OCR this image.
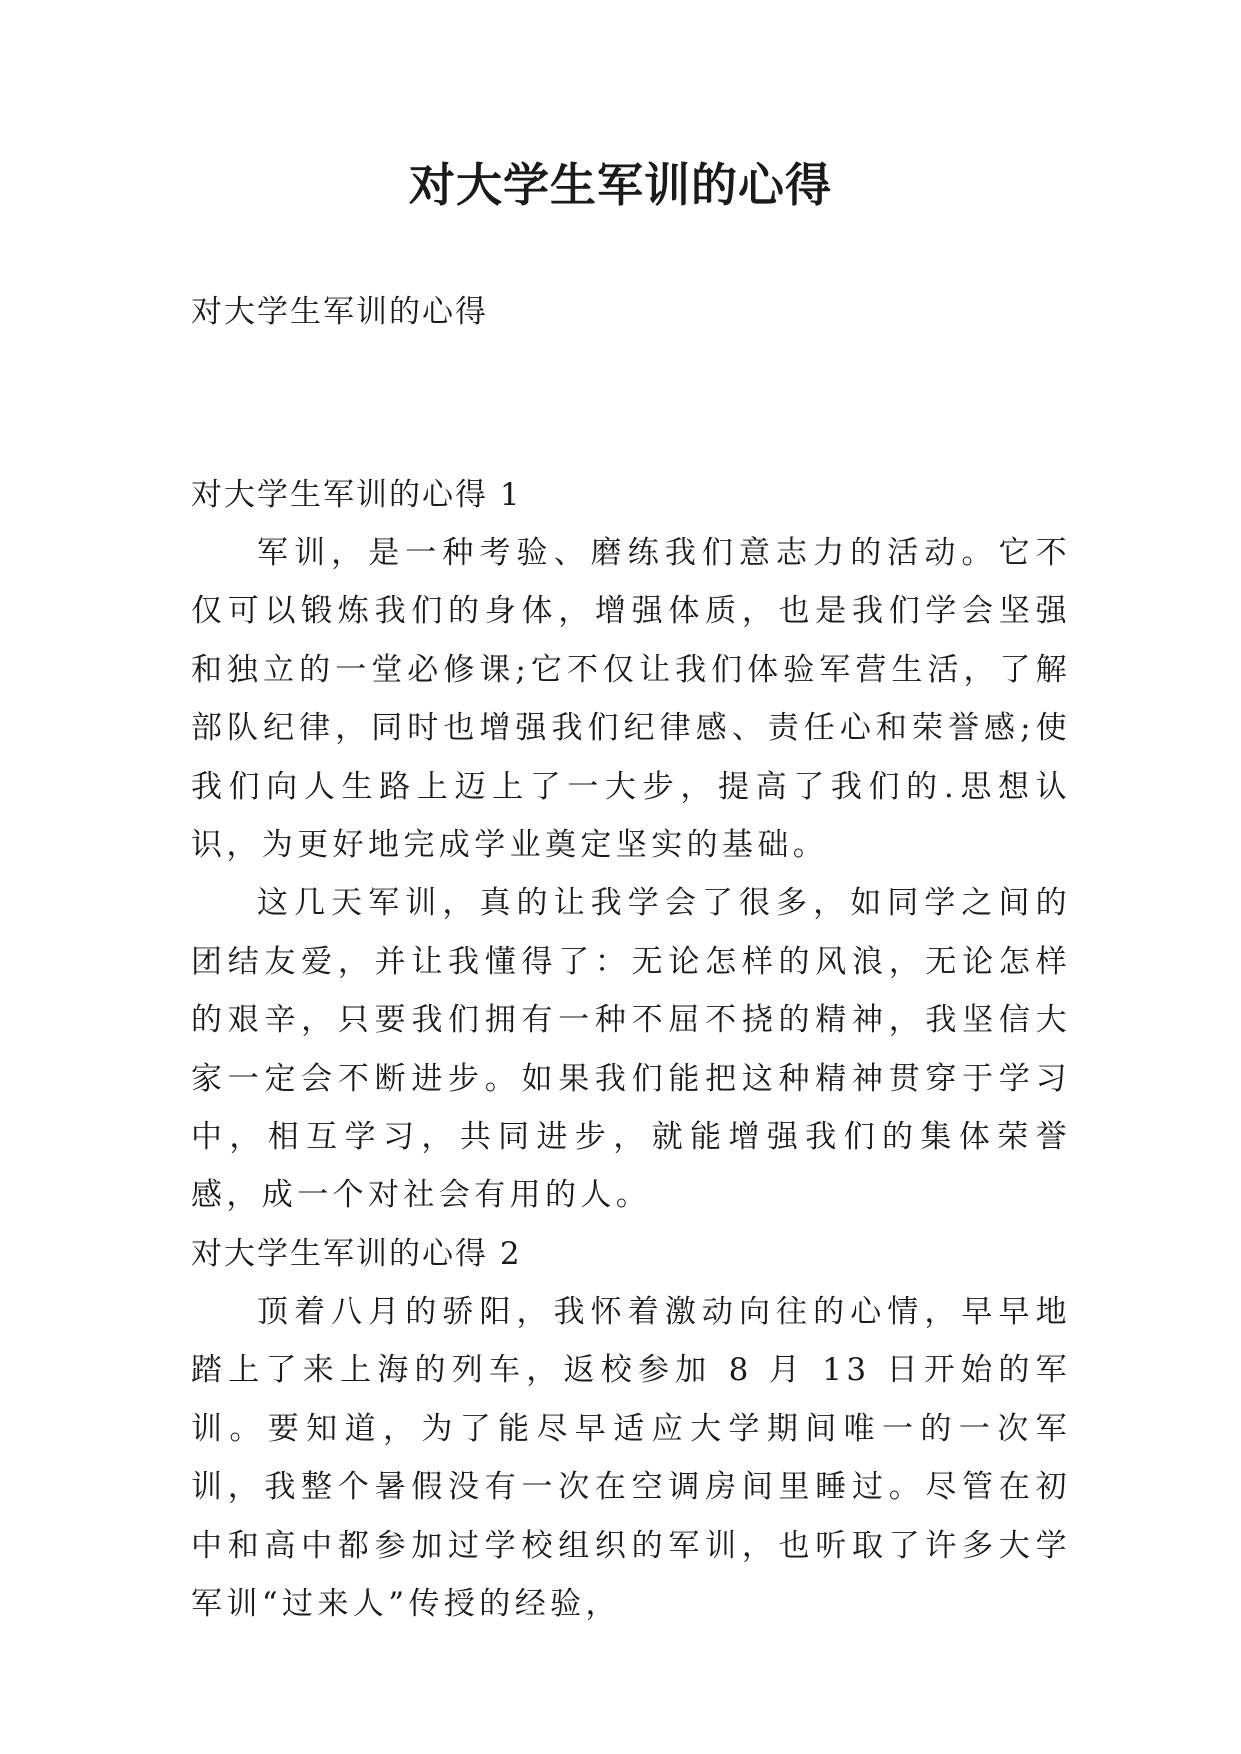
对大学生军训的心得
对大学生军训的心得
对大学生军训的心得 1

军训，是一种考验、磨练我们意志力的活动。它不仅可以锻炼我们的身体，增强体质，也是我们学会坚强和独立的一堂必修课;它不仅让我们体验军营生活，了解部队纪律，同时也增强我们纪律感、责任心和荣誉感;使我们向人生路上迈上了一大步，提高了我们的.思想认识，为更好地完成学业奠定坚实的基础。

这几天军训，真的让我学会了很多，如同学之间的团结友爱，并让我懂得了：无论怎样的风浪，无论怎样的艰辛，只要我们拥有一种不屈不挠的精神，我坚信大家一定会不断进步。如果我们能把这种精神贯穿于学习中，相互学习，共同进步，就能增强我们的集体荣誉感，成一个对社会有用的人。

对大学生军训的心得 2

顶着八月的骄阳，我怀着激动向往的心情，早早地踏上了来上海的列车，返校参加 8 月 13 日开始的军训。要知道，为了能尽早适应大学期间唯一的一次军训，我整个暑假没有一次在空调房间里睡过。尽管在初中和高中都参加过学校组织的军训，也听取了许多大学军训“过来人”传授的经验，
